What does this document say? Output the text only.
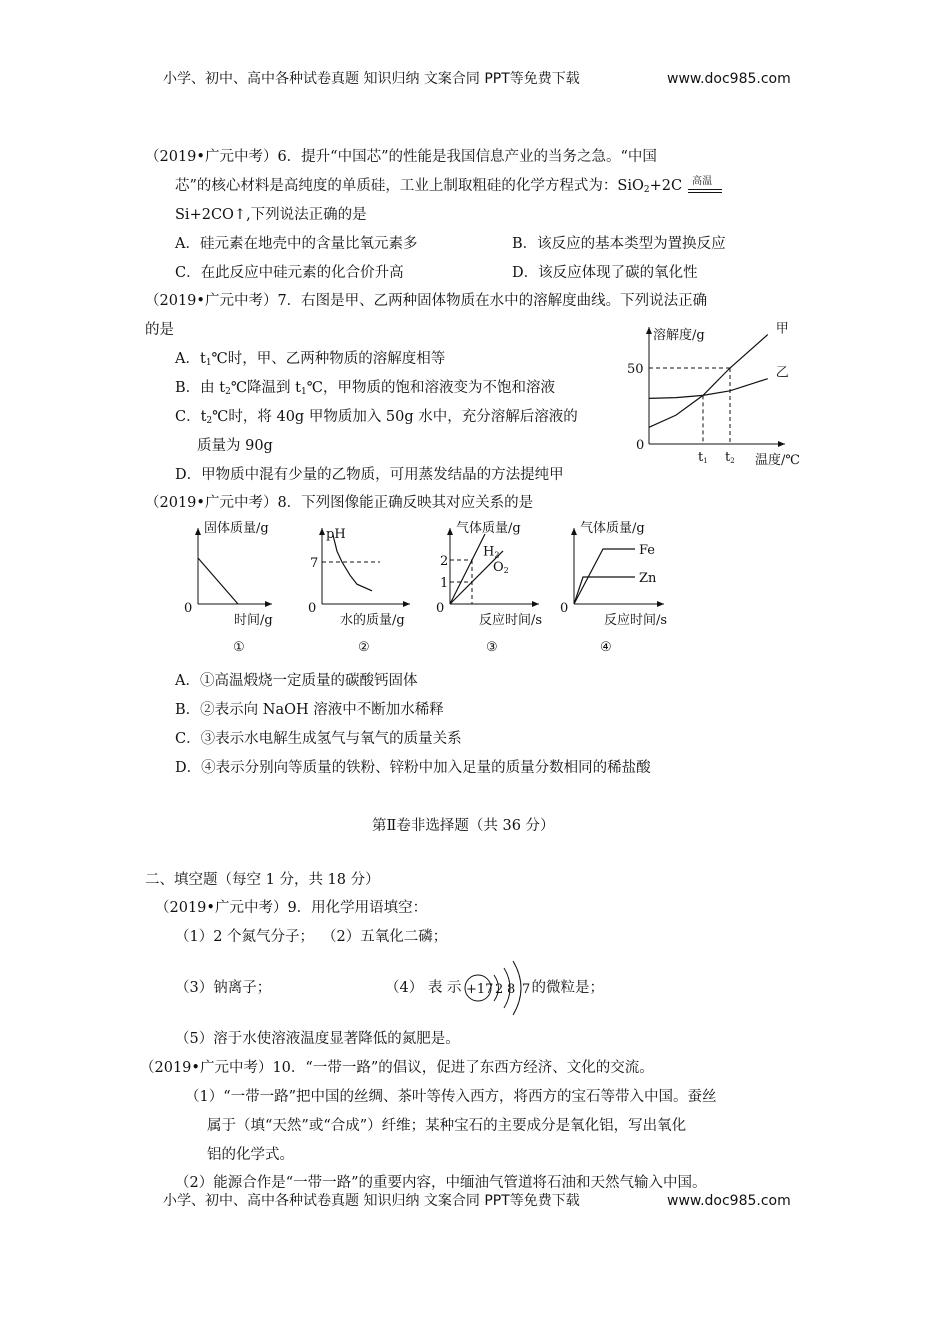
小学、初中、高中各种试卷真题 知识归纳 文案合同 PPT等免费下载	www.doc985.com
（2019•广元中考）6．提升“中国芯”的性能是我国信息产业的当务之急。“中国
芯”的核心材料是高纯度的单质硅，工业上制取粗硅的化学方程式为：SiO$_2$+2C 高温
Si+2CO↑,下列说法正确的是
A．硅元素在地壳中的含量比氧元素多	B．该反应的基本类型为置换反应
C．在此反应中硅元素的化合价升高	D．该反应体现了碳的氧化性
（2019•广元中考）7．右图是甲、乙两种固体物质在水中的溶解度曲线。下列说法正确
的是
A．$t_1℃$时，甲、乙两种物质的溶解度相等
B．由 $t_2℃$降温到 $t_1℃$，甲物质的饱和溶液变为不饱和溶液
C．$t_2℃$时，将 40g 甲物质加入 50g 水中，充分溶解后溶液的
质量为 90g
D．甲物质中混有少量的乙物质，可用蒸发结晶的方法提纯甲
（2019•广元中考）8．下列图像能正确反映其对应关系的是
A．①高温煅烧一定质量的碳酸钙固体
B．②表示向 NaOH 溶液中不断加水稀释
C．③表示水电解生成氢气与氧气的质量关系
D．④表示分别向等质量的铁粉、锌粉中加入足量的质量分数相同的稀盐酸
第Ⅱ卷非选择题（共 36 分）
二、填空题（每空 1 分，共 18 分）
（2019•广元中考）9．用化学用语填空：
（1）2 个氮气分子； （2）五氧化二磷；
（3）钠离子；	（4） 表 示 +17 2 8 7 的微粒是；
（5）溶于水使溶液温度显著降低的氮肥是。
（2019•广元中考）10．“一带一路”的倡议，促进了东西方经济、文化的交流。
（1）“一带一路”把中国的丝绸、茶叶等传入西方，将西方的宝石等带入中国。蚕丝
属于（填“天然”或“合成”）纤维；某种宝石的主要成分是氧化铝，写出氧化
铝的化学式。
（2）能源合作是“一带一路”的重要内容，中缅油气管道将石油和天然气输入中国。
小学、初中、高中各种试卷真题 知识归纳 文案合同 PPT等免费下载	www.doc985.com
溶解度/g
温度/℃
0
50
t1 t2
甲
乙
固体质量/g
时间/g
0
①
pH
水的质量/g
0
②
7
气体质量/g
反应时间/s
0
③
1
2
H2
O2
气体质量/g
反应时间/s
0
④
Fe
Zn
